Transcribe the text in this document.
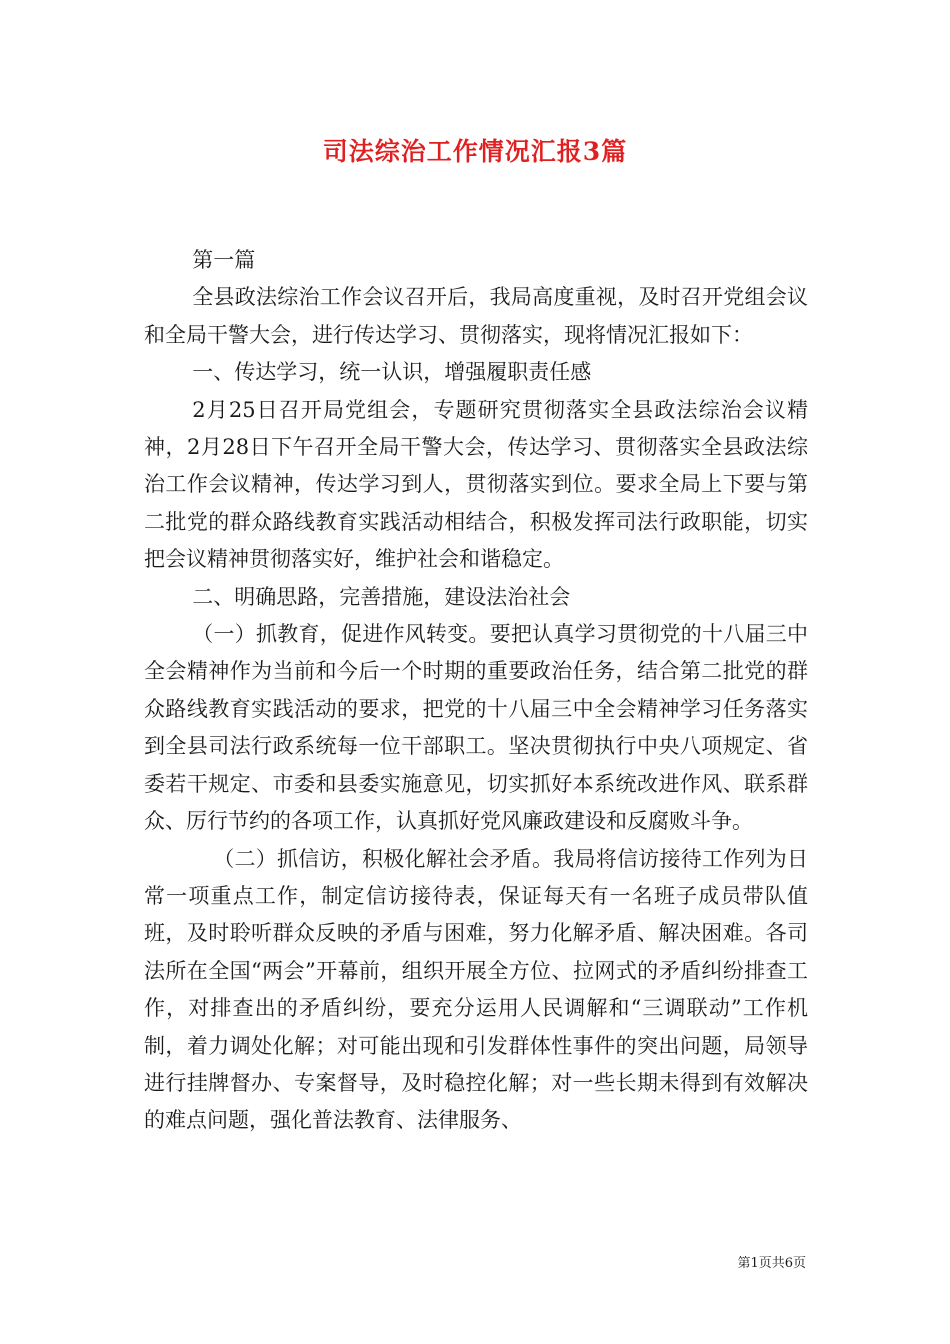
司法综治工作情况汇报3篇

第一篇

全县政法综治工作会议召开后，我局高度重视，及时召开党组会议和全局干警大会，进行传达学习、贯彻落实，现将情况汇报如下：

一、传达学习，统一认识，增强履职责任感

2月25日召开局党组会，专题研究贯彻落实全县政法综治会议精神，2月28日下午召开全局干警大会，传达学习、贯彻落实全县政法综治工作会议精神，传达学习到人，贯彻落实到位。要求全局上下要与第二批党的群众路线教育实践活动相结合，积极发挥司法行政职能，切实把会议精神贯彻落实好，维护社会和谐稳定。

二、明确思路，完善措施，建设法治社会

（一）抓教育，促进作风转变。要把认真学习贯彻党的十八届三中全会精神作为当前和今后一个时期的重要政治任务，结合第二批党的群众路线教育实践活动的要求，把党的十八届三中全会精神学习任务落实到全县司法行政系统每一位干部职工。坚决贯彻执行中央八项规定、省委若干规定、市委和县委实施意见，切实抓好本系统改进作风、联系群众、厉行节约的各项工作，认真抓好党风廉政建设和反腐败斗争。

（二）抓信访，积极化解社会矛盾。我局将信访接待工作列为日常一项重点工作，制定信访接待表，保证每天有一名班子成员带队值班，及时聆听群众反映的矛盾与困难，努力化解矛盾、解决困难。各司法所在全国“两会”开幕前，组织开展全方位、拉网式的矛盾纠纷排查工作，对排查出的矛盾纠纷，要充分运用人民调解和“三调联动”工作机制，着力调处化解；对可能出现和引发群体性事件的突出问题，局领导进行挂牌督办、专案督导，及时稳控化解；对一些长期未得到有效解决的难点问题，强化普法教育、法律服务、

第1页共6页
